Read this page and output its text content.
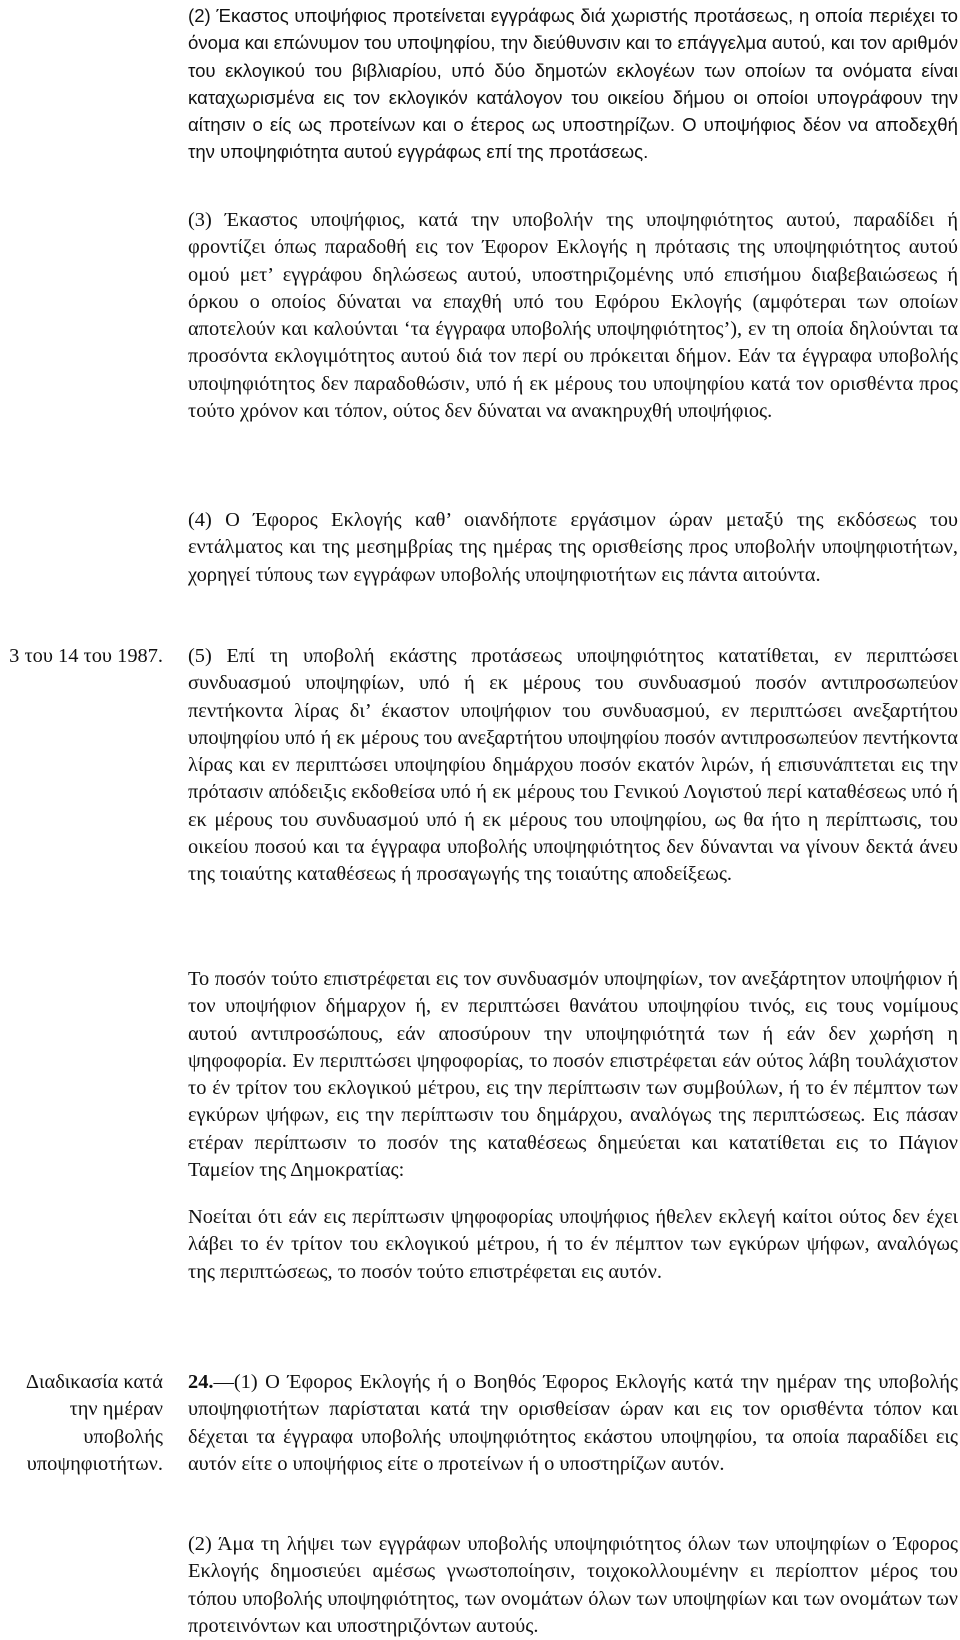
(2) Έκαστος υποψήφιος προτείνεται εγγράφως διά χωριστής προτάσεως, η οποία περιέχει το όνομα και επώνυμον του υποψηφίου, την διεύθυνσιν και το επάγγελμα αυτού, και τον αριθμόν του εκλογικού του βιβλιαρίου, υπό δύο δημοτών εκλογέων των οποίων τα ονόματα είναι καταχωρισμένα εις τον εκλογικόν κατάλογον του οικείου δήμου οι οποίοι υπογράφουν την αίτησιν ο είς ως προτείνων και ο έτερος ως υποστηρίζων. Ο υποψήφιος δέον να αποδεχθή την υποψηφιότητα αυτού εγγράφως επί της προτάσεως.

(3) Έκαστος υποψήφιος, κατά την υποβολήν της υποψηφιότητος αυτού, παραδίδει ή φροντίζει όπως παραδοθή εις τον Έφορον Εκλογής η πρότασις της υποψηφιότητος αυτού ομού μετ’ εγγράφου δηλώσεως αυτού, υποστηριζομένης υπό επισήμου διαβεβαιώσεως ή όρκου ο οποίος δύναται να επαχθή υπό του Εφόρου Εκλογής (αμφότεραι των οποίων αποτελούν και καλούνται ‘τα έγγραφα υποβολής υποψηφιότητος’), εν τη οποία δηλούνται τα προσόντα εκλογιμότητος αυτού διά τον περί ου πρόκειται δήμον. Εάν τα έγγραφα υποβολής υποψηφιότητος δεν παραδοθώσιν, υπό ή εκ μέρους του υποψηφίου κατά τον ορισθέντα προς τούτο χρόνον και τόπον, ούτος δεν δύναται να ανακηρυχθή υποψήφιος.

(4) Ο Έφορος Εκλογής καθ’ οιανδήποτε εργάσιμον ώραν μεταξύ της εκδόσεως του εντάλματος και της μεσημβρίας της ημέρας της ορισθείσης προς υποβολήν υποψηφιοτήτων, χορηγεί τύπους των εγγράφων υποβολής υποψηφιοτήτων εις πάντα αιτούντα.

3 του 14 του 1987. (5) Επί τη υποβολή εκάστης προτάσεως υποψηφιότητος κατατίθεται, εν περιπτώσει συνδυασμού υποψηφίων, υπό ή εκ μέρους του συνδυασμού ποσόν αντιπροσωπεύον πεντήκοντα λίρας δι’ έκαστον υποψήφιον του συνδυασμού, εν περιπτώσει ανεξαρτήτου υποψηφίου υπό ή εκ μέρους του ανεξαρτήτου υποψηφίου ποσόν αντιπροσωπεύον πεντήκοντα λίρας και εν περιπτώσει υποψηφίου δημάρχου ποσόν εκατόν λιρών, ή επισυνάπτεται εις την πρότασιν απόδειξις εκδοθείσα υπό ή εκ μέρους του Γενικού Λογιστού περί καταθέσεως υπό ή εκ μέρους του συνδυασμού υπό ή εκ μέρους του υποψηφίου, ως θα ήτο η περίπτωσις, του οικείου ποσού και τα έγγραφα υποβολής υποψηφιότητος δεν δύνανται να γίνουν δεκτά άνευ της τοιαύτης καταθέσεως ή προσαγωγής της τοιαύτης αποδείξεως.

Το ποσόν τούτο επιστρέφεται εις τον συνδυασμόν υποψηφίων, τον ανεξάρτητον υποψήφιον ή τον υποψήφιον δήμαρχον ή, εν περιπτώσει θανάτου υποψηφίου τινός, εις τους νομίμους αυτού αντιπροσώπους, εάν αποσύρουν την υποψηφιότητά των ή εάν δεν χωρήση η ψηφοφορία. Εν περιπτώσει ψηφοφορίας, το ποσόν επιστρέφεται εάν ούτος λάβη τουλάχιστον το έν τρίτον του εκλογικού μέτρου, εις την περίπτωσιν των συμβούλων, ή το έν πέμπτον των εγκύρων ψήφων, εις την περίπτωσιν του δημάρχου, αναλόγως της περιπτώσεως. Εις πάσαν ετέραν περίπτωσιν το ποσόν της καταθέσεως δημεύεται και κατατίθεται εις το Πάγιον Ταμείον της Δημοκρατίας:

Νοείται ότι εάν εις περίπτωσιν ψηφοφορίας υποψήφιος ήθελεν εκλεγή καίτοι ούτος δεν έχει λάβει το έν τρίτον του εκλογικού μέτρου, ή το έν πέμπτον των εγκύρων ψήφων, αναλόγως της περιπτώσεως, το ποσόν τούτο επιστρέφεται εις αυτόν.

Διαδικασία κατά την ημέραν υποβολής υποψηφιοτήτων.

24.—(1) Ο Έφορος Εκλογής ή ο Βοηθός Έφορος Εκλογής κατά την ημέραν της υποβολής υποψηφιοτήτων παρίσταται κατά την ορισθείσαν ώραν και εις τον ορισθέντα τόπον και δέχεται τα έγγραφα υποβολής υποψηφιότητος εκάστου υποψηφίου, τα οποία παραδίδει εις αυτόν είτε ο υποψήφιος είτε ο προτείνων ή ο υποστηρίζων αυτόν.

(2) Άμα τη λήψει των εγγράφων υποβολής υποψηφιότητος όλων των υποψηφίων ο Έφορος Εκλογής δημοσιεύει αμέσως γνωστοποίησιν, τοιχοκολλουμένην ει περίοπτον μέρος του τόπου υποβολής υποψηφιότητος, των ονομάτων όλων των υποψηφίων και των ονομάτων των προτεινόντων και υποστηριζόντων αυτούς.
